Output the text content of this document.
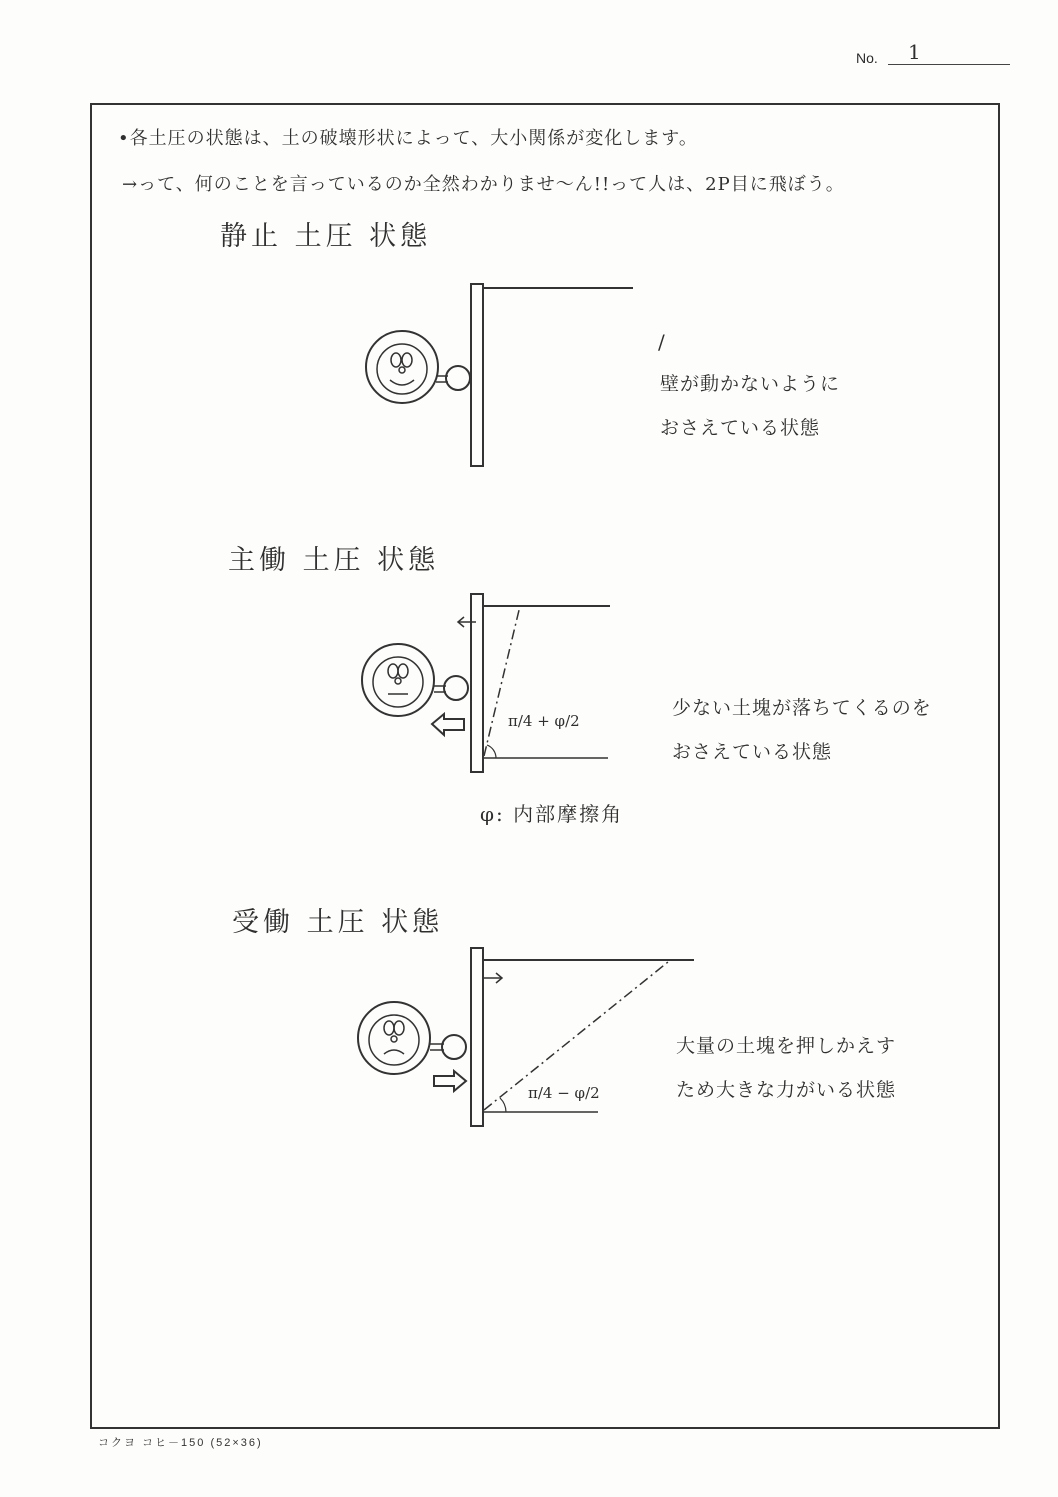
No. 1
•各土圧の状態は、土の破壊形状によって、大小関係が変化します。
→って、何のことを言っているのか全然わかりませ～ん!!って人は、2P目に飛ぼう。
静止 土圧 状態
/
壁が動かないように
おさえている状態
主働 土圧 状態
π/4 + φ/2
少ない土塊が落ちてくるのを
おさえている状態
φ: 内部摩擦角
受働 土圧 状態
π/4 − φ/2
大量の土塊を押しかえす
ため大きな力がいる状態
コクヨ コヒ－150 (52×36)
